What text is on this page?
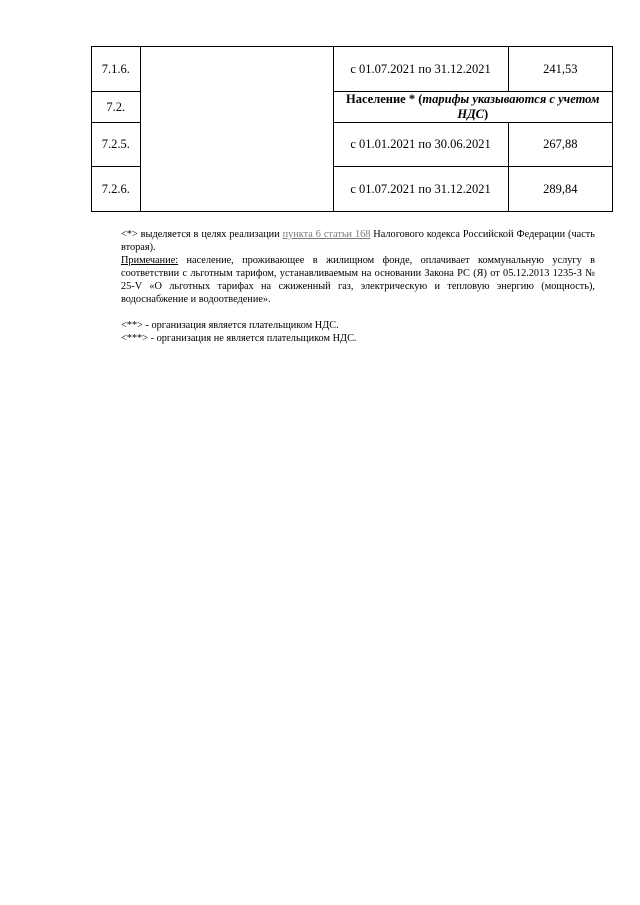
7.1.6.		с 01.07.2021 по 31.12.2021	241,53
7.2.		Население * (тарифы указываются с учетом НДС)	
7.2.5.		с 01.01.2021 по 30.06.2021	267,88
7.2.6.		с 01.07.2021 по 31.12.2021	289,84

<*> выделяется в целях реализации пункта 6 статьи 168 Налогового кодекса Российской Федерации (часть вторая).

Примечание: население, проживающее в жилищном фонде, оплачивает коммунальную услугу в соответствии с льготным тарифом, устанавливаемым на основании Закона РС (Я) от 05.12.2013 1235-З № 25-V «О льготных тарифах на сжиженный газ, электрическую и тепловую энергию (мощность), водоснабжение и водоотведение».

<**> - организация является плательщиком НДС.

<***> - организация не является плательщиком НДС.
